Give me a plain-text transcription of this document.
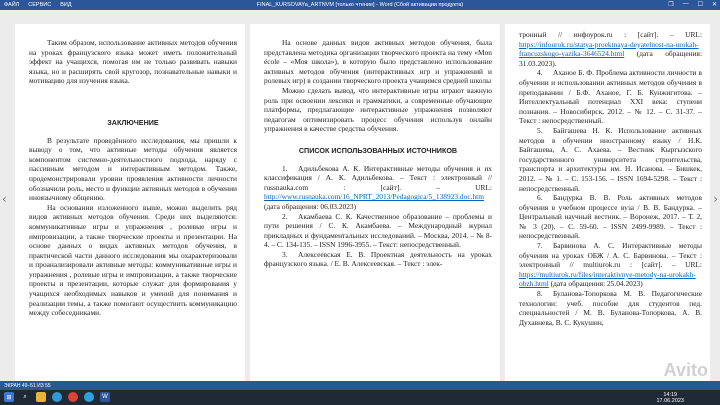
ФАЙЛ СЕРВИС ВИД	FINAL_KURSOVAYa_ARTNVM [только чтение] - Word (Сбой активации продукта)	❐ — ☐ ✕
‹	›

Таким образом, использование активных методов обучения на уроках французского языка может иметь положительный эффект на учащихся, помогая им не только развивать навыки языка, но и расширять свой кругозор, познавательные навыки и мотивацию для изучения языка.

ЗАКЛЮЧЕНИЕ

В результате проведённого исследования, мы пришли к выводу о том, что активные методы обучения является компонентом системно-деятельностного подхода, наряду с пассивным методом и интерактивным методом. Также, продемонстрировали уровни проявления активности личности обозначили роль, место и функции активных методов в обучении иноязычному общению.

На основании изложенного выше, можно выделить ряд видов активных методов обучения. Среди них выделяются: коммуникативные игры и упражнения , ролевые игры и импровизации, а также творческие проекты и презентации. На основе данных о видах активных методов обучения, в практической части данного исследования мы охарактеризовали и проанализировали активные методы: коммуникативные игры и упражнения , ролевые игры и импровизации, а также творческие проекты и презентации, которые служат для формирования у учащихся необходимых навыков и умений для понимания и реализации темы, а также помогают осуществить коммуникацию между собеседниками.

На основе данных видов активных методов обучения, была представлена методика организации творческого проекта на тему «Mon école – «Моя школа»), в которую было представлено использование активных методов обучения (интерактивных игр и упражнений и ролевых игр) в создании творческого проекта учащимся средней школы

Можно сделать вывод, что интерактивные игры играют важную роль при освоении лексики и грамматики, а современные обучающие платформы, предлагающие интерактивные упражнения позволяют педагогам оптимизировать процесс обучения используя онлайн упражнения в качестве средства обучения.

СПИСОК ИСПОЛЬЗОВАННЫХ ИСТОЧНИКОВ

1. Адильбекова А. К. Интерактивные методы обучения и их классификация / А. К. Адильбекова. – Текст : электронный // russnauka.com : [сайт]. – URL: http://www.rusnauka.com/16_NPRT_2013/Pedagogica/5_138923.doc.htm (дата обращения: 06.03.2023)

2. Акамбаева С. К. Качественное образование – проблемы и пути решения / С. К. Акамбаева. – Международный журнал прикладных и фундаментальных исследований. – Москва, 2014. – № 8-4. – С. 134-135. – ISSN 1996-3955. – Текст: непосредственный.

3. Алексеевская Е. В. Проектная деятельность на уроках французского языка. / Е. В. Алексеевская. – Текст : элек-

тронный // инфоурок.ru : [сайт]. – URL: https://infourok.ru/statya-proektnaya-deyatelnost-na-urokah-francuzskogo-yazika-3646524.html (дата обращения: 31.03.2023).

4. Аханое Б. Ф. Проблема активности личности в обучении и использовании активных методов обучения в преподавании / Б.Ф. Аханое, Г. Б. Кунжигитова. – Интеллектуальный потенциал XXI века: ступени познания. – Новосибирск, 2012. – № 12. – С. 31-37. – Текст : непосредственный.

5. Байгашева Н. К. Использование активных методов в обучении иностранному языку / Н.К. Байгашева, А. С. Ахаева. – Вестник Кыргызского государственного университета строительства, транспорта и архитектуры им. Н. Исанова. – Бишкек, 2012. – № 1. – С. 153-156. – ISSN 1694-5298. – Текст : непосредственный.

6. Бандурка В. В. Роль активных методов обучения в учебном процессе вуза / В. В. Бандурка. – Центральный научный вестник. – Воронеж, 2017. – Т. 2, № 3 (20). – С. 59-60. – ISSN 2499-9989. – Текст : непосредственный.

7. Барвинова А. С. Интерактивные методы обучения на уроках ОБЖ / А. С. Барвинова. – Текст : электронный // multiurok.ru : [сайт]. – URL: https://multiurok.ru/files/interaktivnye-metody-na-urokakh-obzh.html (дата обращения: 25.04.2023)

8. Буланова-Топоркова М. В. Педагогические технологии: учеб. пособие для студентов пед. специальностей / М. В. Буланова-Топоркова, А. В. Духавнева, В. С. Кукушин,

Avito
ЭКРАН 49–51 ИЗ 55
⊞	⌕	W	14:19
17.06.2023
